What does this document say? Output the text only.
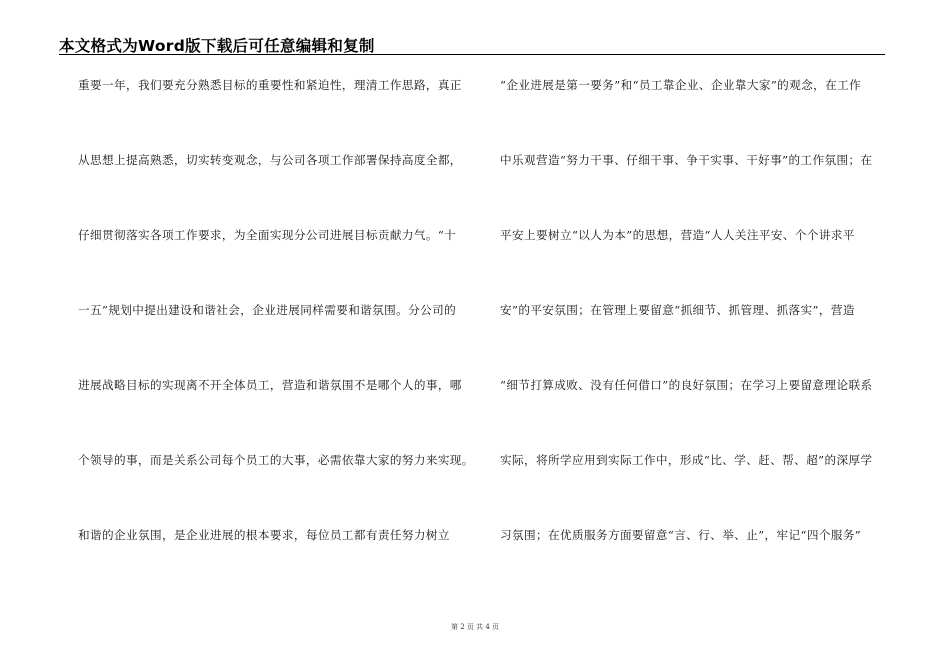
本文格式为Word版下载后可任意编辑和复制
重要一年，我们要充分熟悉目标的重要性和紧迫性，理清工作思路，真正
从思想上提高熟悉，切实转变观念，与公司各项工作部署保持高度全都，
仔细贯彻落实各项工作要求，为全面实现分公司进展目标贡献力气。“十
一五”规划中提出建设和谐社会，企业进展同样需要和谐氛围。分公司的
进展战略目标的实现离不开全体员工，营造和谐氛围不是哪个人的事，哪
个领导的事，而是关系公司每个员工的大事，必需依靠大家的努力来实现。
和谐的企业氛围，是企业进展的根本要求，每位员工都有责任努力树立
“企业进展是第一要务”和“员工靠企业、企业靠大家”的观念，在工作
中乐观营造“努力干事、仔细干事、争干实事、干好事”的工作氛围；在
平安上要树立“以人为本”的思想，营造“人人关注平安、个个讲求平
安”的平安氛围；在管理上要留意“抓细节、抓管理、抓落实”，营造
“细节打算成败、没有任何借口”的良好氛围；在学习上要留意理论联系
实际，将所学应用到实际工作中，形成“比、学、赶、帮、超”的深厚学
习氛围；在优质服务方面要留意“言、行、举、止”，牢记“四个服务”
第 2 页 共 4 页
